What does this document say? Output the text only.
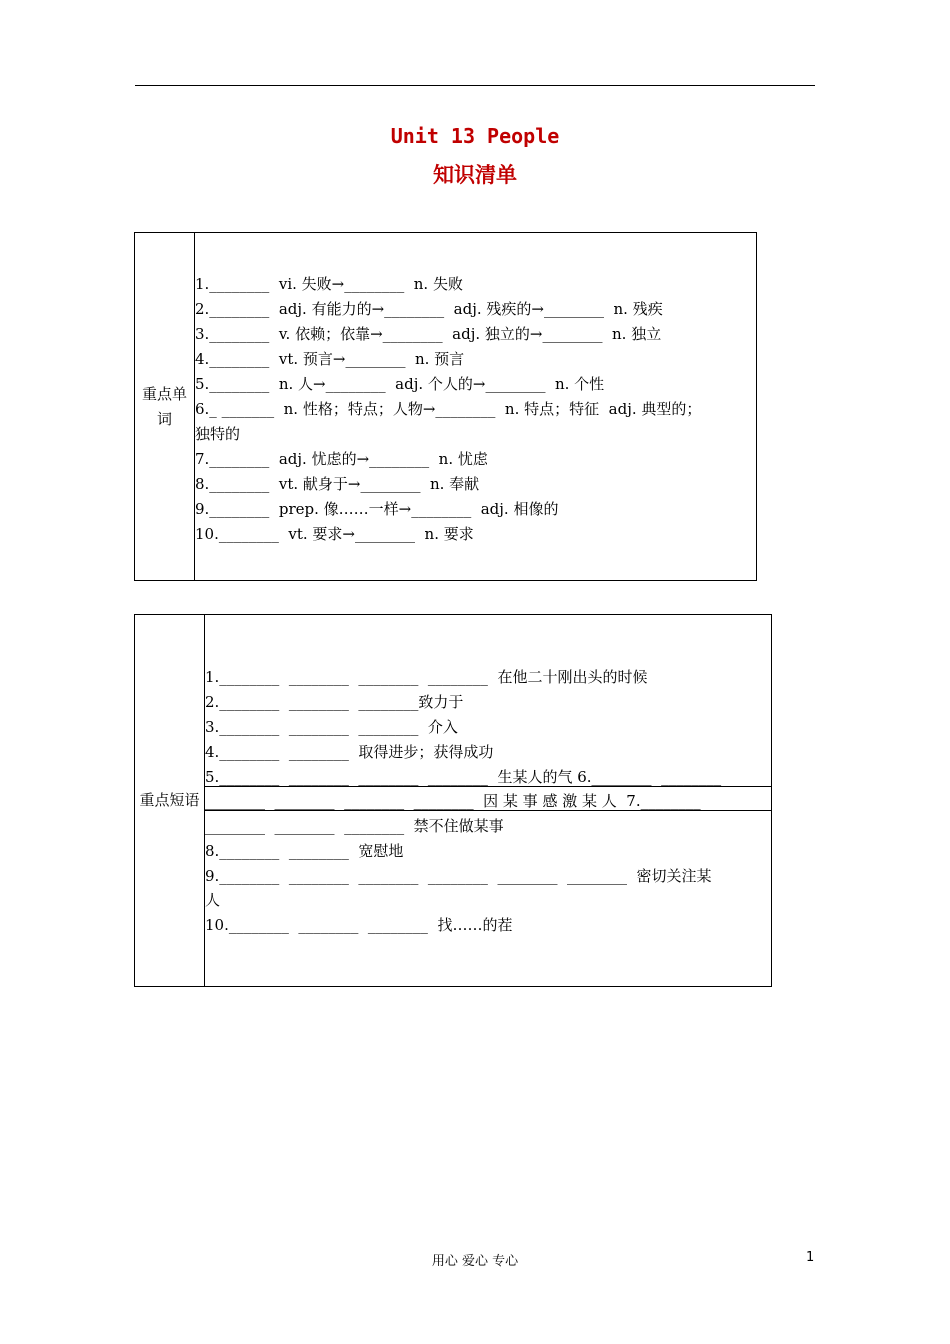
Unit 13 People
知识清单
重点单词
1.________  vi. 失败→________  n. 失败
2.________  adj. 有能力的→________  adj. 残疾的→________  n. 残疾
3.________  v. 依赖；依靠→________  adj. 独立的→________  n. 独立
4.________  vt. 预言→________  n. 预言
5.________  n. 人→________  adj. 个人的→________  n. 个性
6._ _______  n. 性格；特点；人物→________  n. 特点；特征  adj. 典型的；
独特的
7.________  adj. 忧虑的→________  n. 忧虑
8.________  vt. 献身于→________  n. 奉献
9.________  prep. 像……一样→________  adj. 相像的
10.________  vt. 要求→________  n. 要求
重点短语
1.________  ________  ________  ________  在他二十刚出头的时候
2.________  ________  ________致力于
3.________  ________  ________  介入
4.________  ________  取得进步；获得成功
5.________  ________  ________  ________  生某人的气 6.________  ________
________  ________  ________  ________  因 某 事 感 激 某 人  7.________
________  ________  ________  禁不住做某事
8.________  ________  宽慰地
9.________  ________  ________  ________  ________  ________  密切关注某
人
10.________  ________  ________  找……的茬
用心 爱心 专心	1
